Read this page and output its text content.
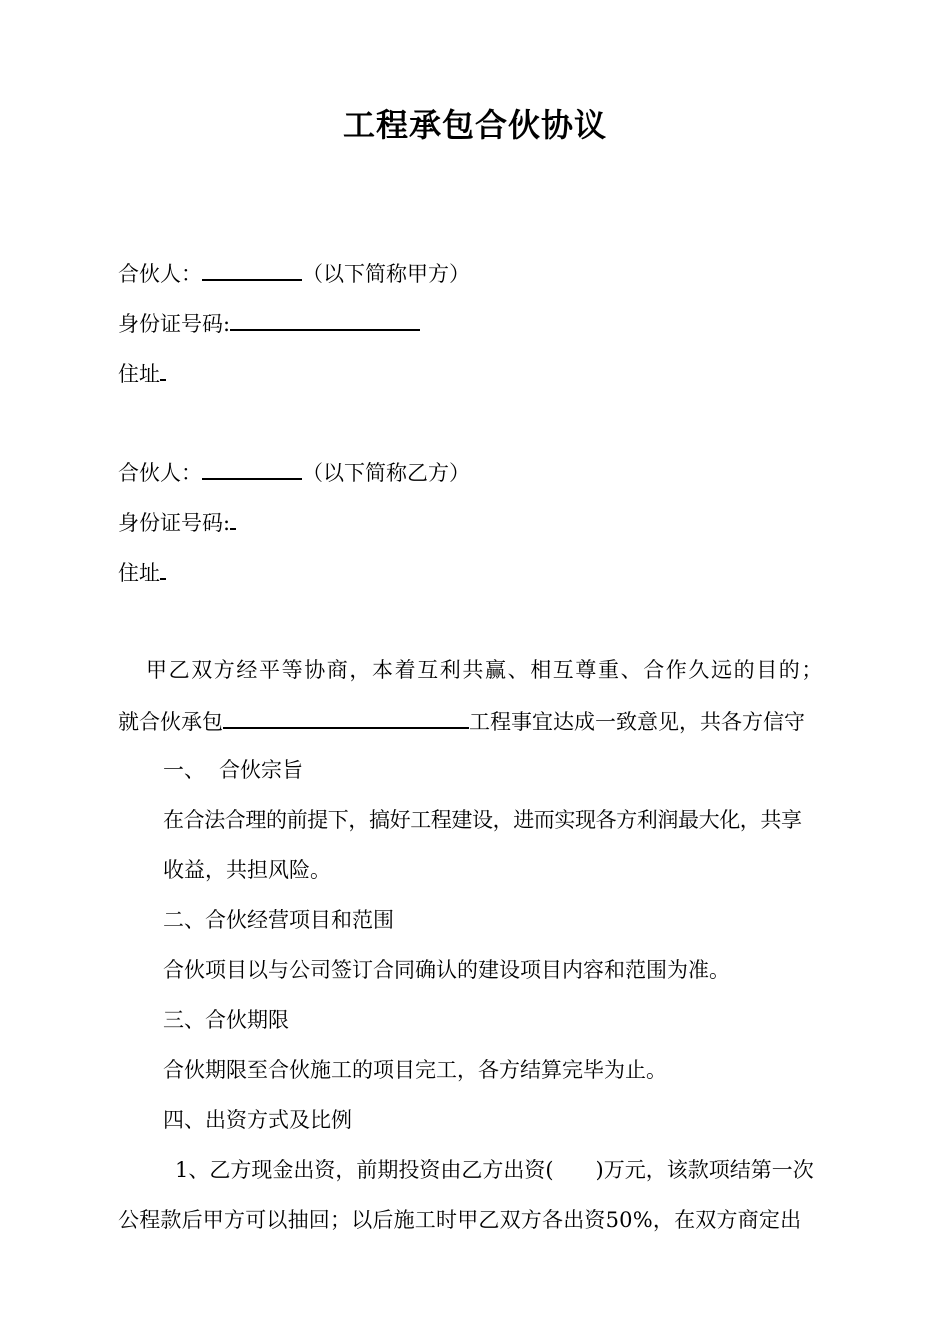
工程承包合伙协议
合伙人：	（以下简称甲方）
身份证号码:
住址
合伙人：	（以下简称乙方）
身份证号码:
住址
甲乙双方经平等协商，本着互利共赢、相互尊重、合作久远的目的；
就合伙承包	工程事宜达成一致意见，共各方信守
一、 合伙宗旨
在合法合理的前提下，搞好工程建设，进而实现各方利润最大化，共享
收益，共担风险。
二、合伙经营项目和范围
合伙项目以与公司签订合同确认的建设项目内容和范围为准。
三、合伙期限
合伙期限至合伙施工的项目完工，各方结算完毕为止。
四、出资方式及比例
1、乙方现金出资，前期投资由乙方出资(　　)万元，该款项结第一次
公程款后甲方可以抽回；以后施工时甲乙双方各出资50%，在双方商定出
